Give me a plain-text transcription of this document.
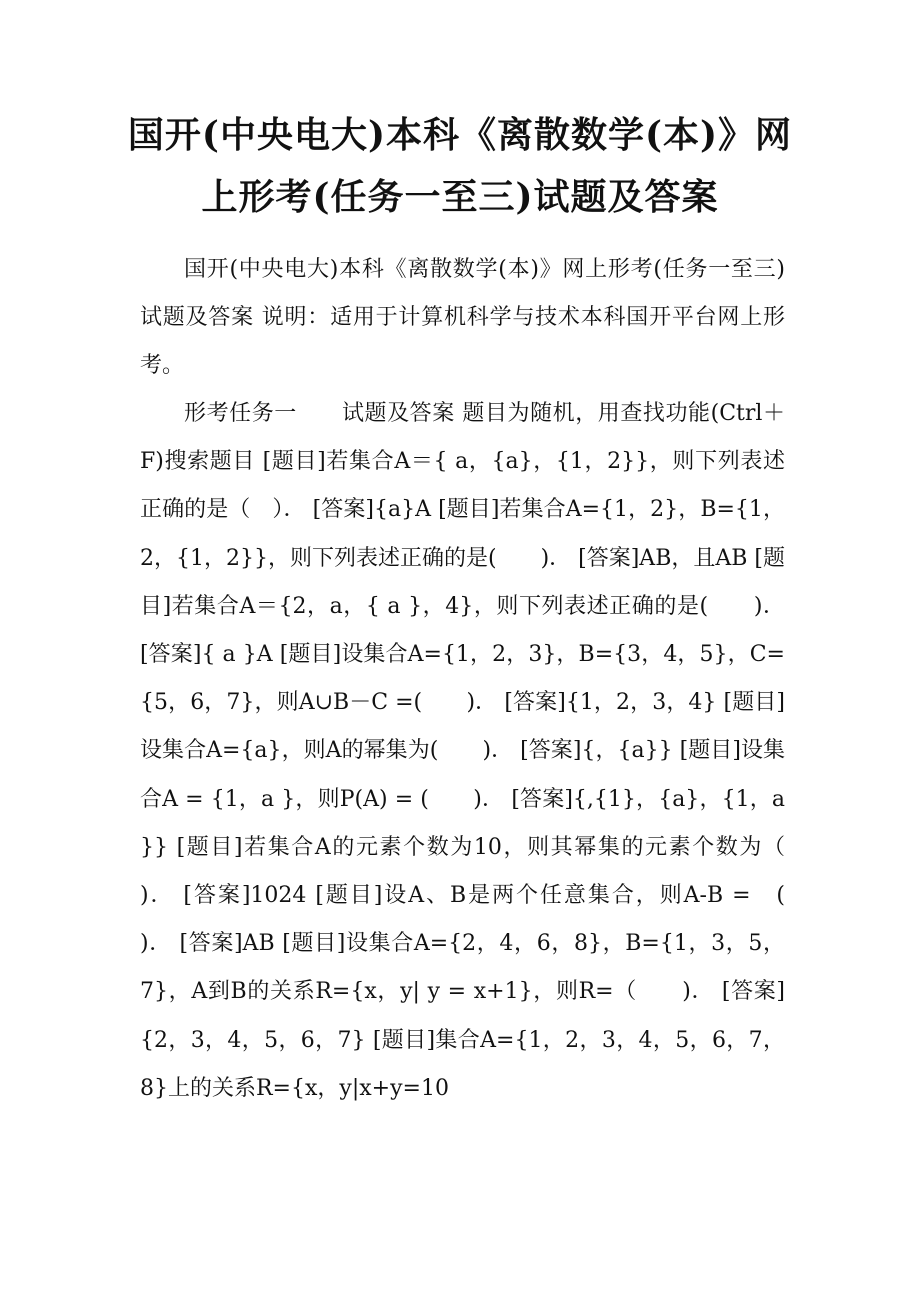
国开(中央电大)本科《离散数学(本)》网上形考(任务一至三)试题及答案

国开(中央电大)本科《离散数学(本)》网上形考(任务一至三)试题及答案 说明：适用于计算机科学与技术本科国开平台网上形考。

形考任务一　　试题及答案 题目为随机，用查找功能(Ctrl＋F)搜索题目 [题目]若集合A＝{ a，{a}，{1，2}}，则下列表述正确的是（　）． [答案]{a}A [题目]若集合A={1，2}，B={1，2，{1，2}}，则下列表述正确的是(　　)． [答案]AB，且AB [题目]若集合A＝{2，a，{ a }，4}，则下列表述正确的是(　　)． [答案]{ a }A [题目]设集合A={1，2，3}，B={3，4，5}，C={5，6，7}，则A∪B－C =(　　)． [答案]{1，2，3，4} [题目]设集合A={a}，则A的幂集为(　　)． [答案]{，{a}} [题目]设集合A = {1，a }，则P(A) = (　　)． [答案]{,{1}，{a}，{1，a }} [题目]若集合A的元素个数为10，则其幂集的元素个数为（　　)． [答案]1024 [题目]设A、B是两个任意集合，则A-B =　(　　)． [答案]AB [题目]设集合A={2，4，6，8}，B={1，3，5，7}，A到B的关系R={x，y| y = x+1}，则R=（　　)． [答案]{2，3，4，5，6，7} [题目]集合A={1，2，3，4，5，6，7，8}上的关系R={x，y|x+y=10
